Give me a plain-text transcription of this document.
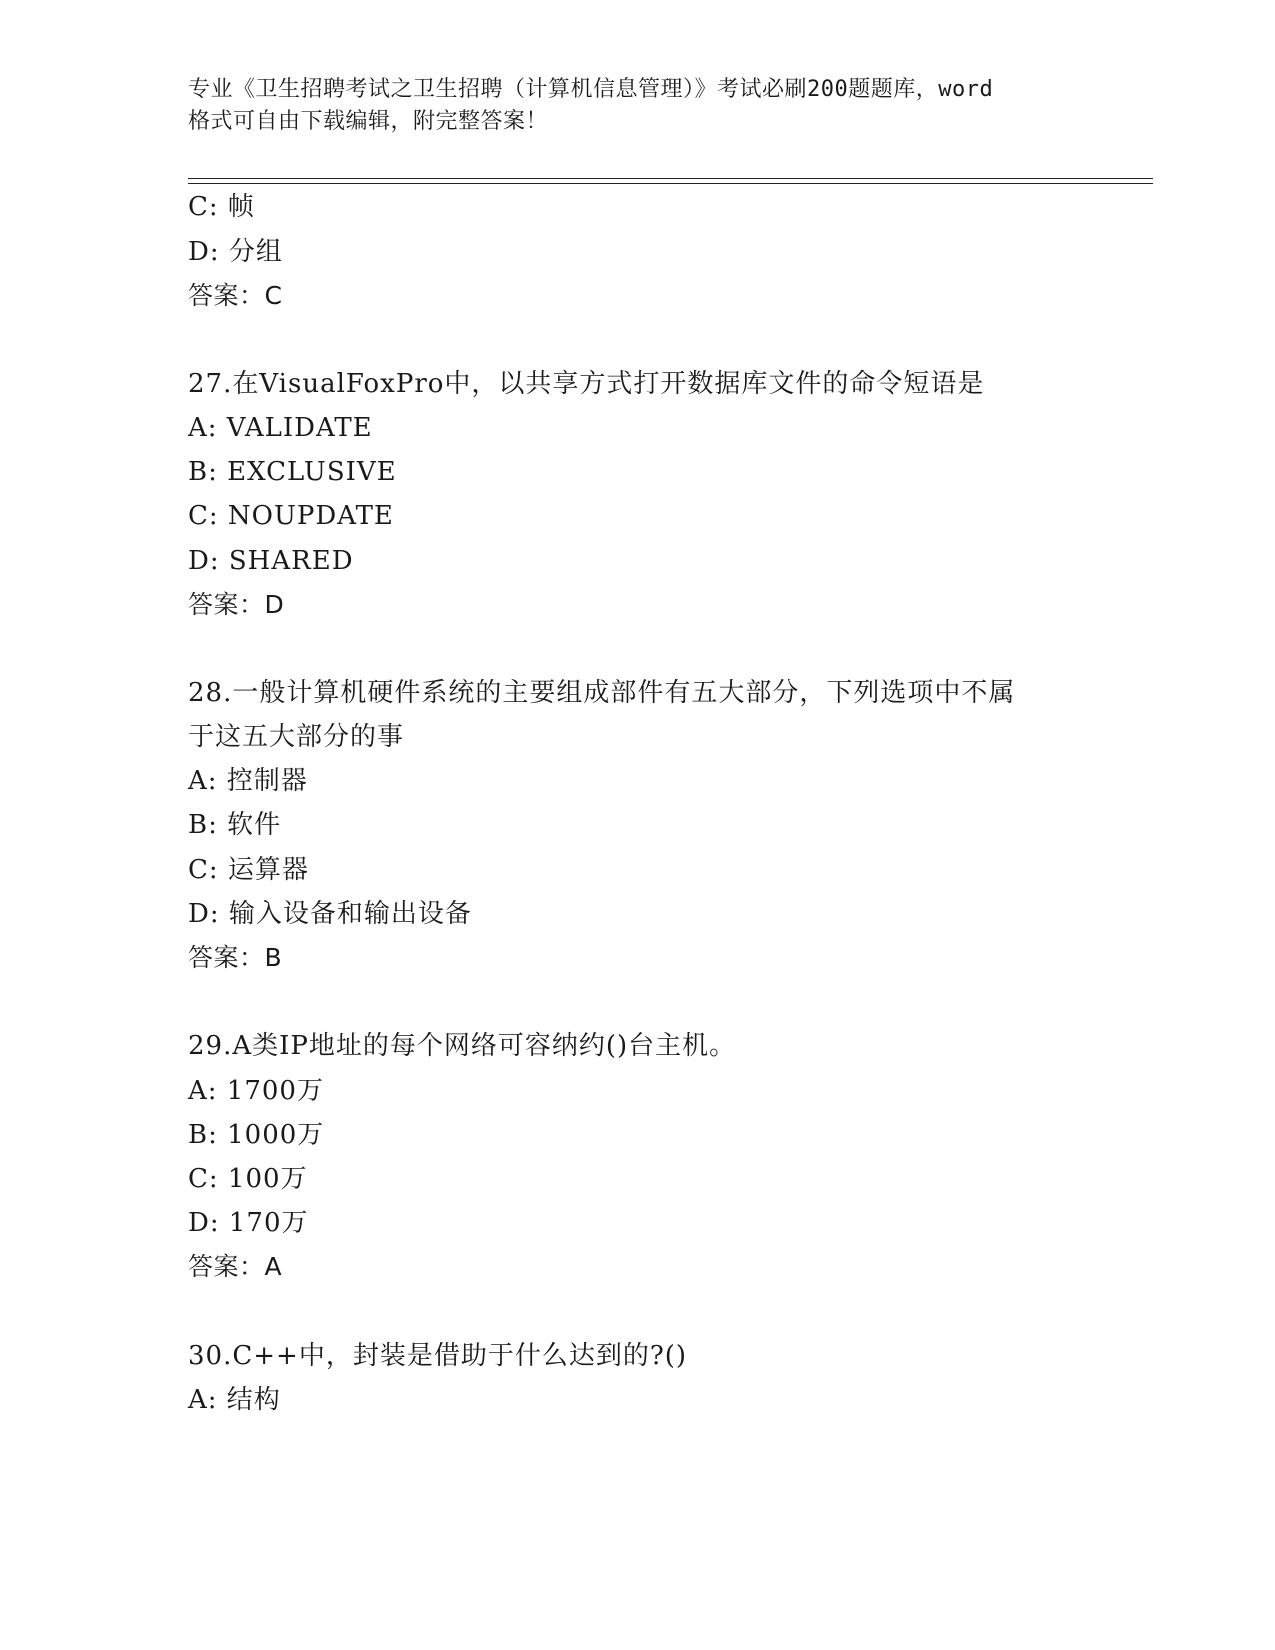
专业《卫生招聘考试之卫生招聘（计算机信息管理）》考试必刷200题题库，word
格式可自由下载编辑，附完整答案！
C: 帧
D: 分组
答案：C
27.在VisualFoxPro中，以共享方式打开数据库文件的命令短语是
A: VALIDATE
B: EXCLUSIVE
C: NOUPDATE
D: SHARED
答案：D
28.一般计算机硬件系统的主要组成部件有五大部分，下列选项中不属
于这五大部分的事
A: 控制器
B: 软件
C: 运算器
D: 输入设备和输出设备
答案：B
29.A类IP地址的每个网络可容纳约()台主机。
A: 1700万
B: 1000万
C: 100万
D: 170万
答案：A
30.C++中，封装是借助于什么达到的?()
A: 结构
